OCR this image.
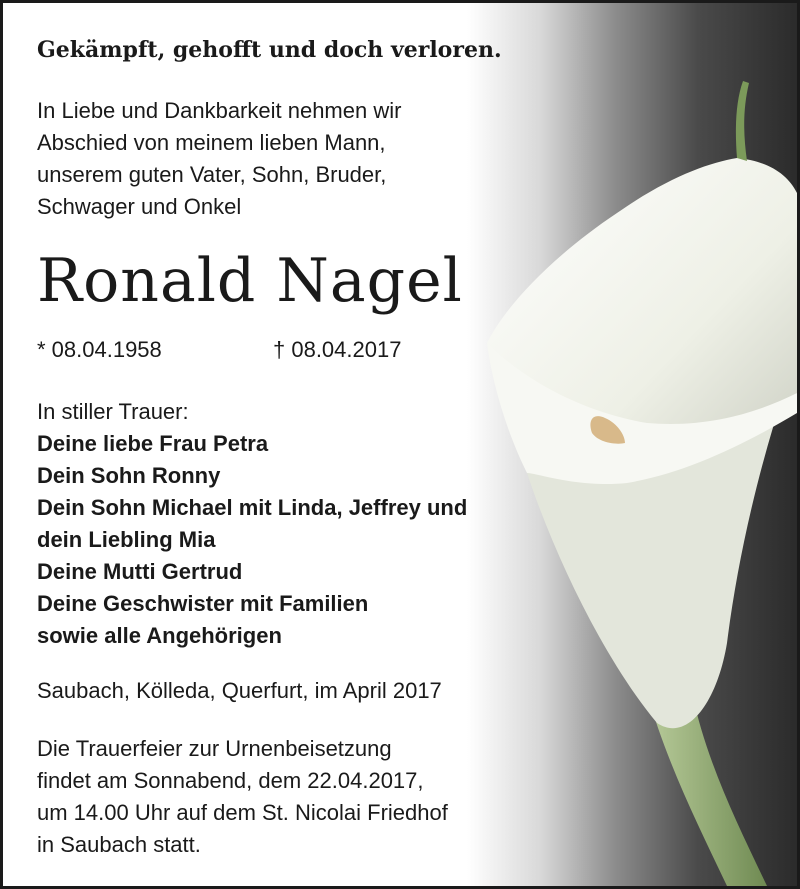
Gekämpft, gehofft und doch verloren.
In Liebe und Dankbarkeit nehmen wir
Abschied von meinem lieben Mann,
unserem guten Vater, Sohn, Bruder,
Schwager und Onkel
Ronald Nagel
* 08.04.1958	† 08.04.2017
In stiller Trauer:
Deine liebe Frau Petra
Dein Sohn Ronny
Dein Sohn Michael mit Linda, Jeffrey und
dein Liebling Mia
Deine Mutti Gertrud
Deine Geschwister mit Familien
sowie alle Angehörigen
Saubach, Kölleda, Querfurt, im April 2017
Die Trauerfeier zur Urnenbeisetzung
findet am Sonnabend, dem 22.04.2017,
um 14.00 Uhr auf dem St. Nicolai Friedhof
in Saubach statt.
